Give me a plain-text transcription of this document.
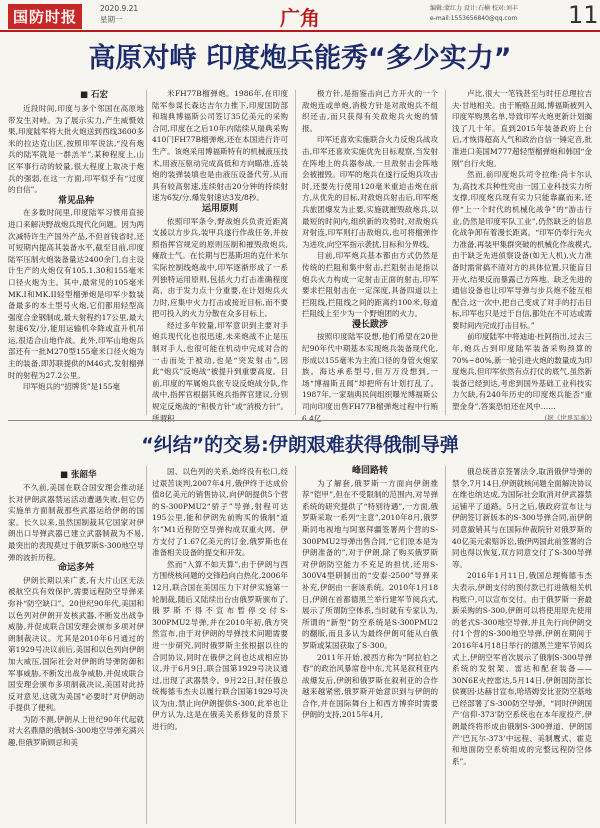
国防时报	2020.9.21
星期一	广角	编辑:蒙红力 设计:石楠 校对:刘丰
e-mail:1553656840@qq.com	11
高原对峙 印度炮兵能秀“多少实力”
■ 石宏

近段时间,印度与多个邻国在高原地带发生对峙。为了展示实力,产生威慑效果,印度陆军将大批火炮送到西线3600多米的拉达克山区,按照印军说法,“没有炮兵的陆军就是一群羔羊”,某种程度上,山区军事行动的较量,很大程度上取决于炮兵的强弱,在这一方面,印军似乎有“过度的自信”。

常见品种

在多数时间里,印度陆军习惯用直接进口来解决野战炮兵现代化问题。因为两次减特许生产国外产品,不但首钱省时,还可短期内提高其装备水平,截至目前,印度陆军压制火炮装备量达2400余门,自主设计生产的火炮仅有105.1.30和155毫米口径火炮为主。其中,最常见的105毫米MK.I和MK.II轻型榴弹炮是印军少数装备最多的本土型号火炮,它们都用轻型高强度合金钢制成,最大射程约17公里,最大射速6发/分,能用运输机伞降或直升机吊运,很适合山地作战。此外,印军山地炮兵部还有一批M270型155毫米口径火炮为主的装备,即苏联提供的M46式,发射榴弹时的射程为27.2公里。

印军炮兵的“招牌货”是155毫

米FH77B榴弹炮。1986年,在印度陆军参谋长森达吉尔力推下,印度国防部和瑞典博福斯公司签订35亿美元的采购合同,印度在之后10年内陆续从瑞典采购410门FH77B榴弹炮,还在本国进行许可生产。该炮采用博福斯特有的机械液压技术,用液压驱动完成高低和方向瞄准,连装炮的装弹装填也是由液压设备代劳,从而具有较高射速,连续射击20分钟的持续射速为6发/分,爆发射速达3发/8秒。

运用原则

依照印军条令,野战炮兵负责近距离支援以方步兵,装甲兵遂行作战任务,并按照指挥官规定的原则压制和摧毁敌炮兵,瘫敌士气。在长期与巴基斯坦的克什米尔实际控制线炮战中,印军逐渐形成了一系列独特运用原则,包括火力打击准确程度高、由于发力点十分重要,在计划炮兵火力时,应集中火力打击或接近目标,而不要把可投入的火力分散在众多目标上。

经过多年较量,印军意识到主要对手炮兵现代化也很迅速,未来炮战不止是压制对手人,也很可能在机动中完成对合的一击而处于被动,也是“突发射击”,因此“炮兵”反炮战“被提升到重要高度。目前,印度的军属炮兵旅专设反炮战分队,作战中,指挥官根据其炮兵指挥官建议,分别规定反炮战的“积极方针”或“消极方针”。所谓积

极方针,是指鉴击向己方开火的一个敌炮连或单炮,消极方针是对敌炮兵不组织还击,而只获得有关敌炮兵火炮的情报。

印军还喜欢实施联合火力反炮兵战攻击,印军还喜欢实施优先目标观察,当发射在阵地上的兵器参战,一旦敌射击会阵地会被摧毁。印军的炮兵在遂行反炮兵攻击时,还要先行使用120毫米重迫击炮在前方,从优先的目标,对敌炮兵射击后,印军炮兵旅团爆发为止要,实施就摧毁敌炮兵,以最短的时间内,组织新的攻势时,对敌炮兵对射连,印军则打击敌炮兵,也可将榴弹作为进攻,向空军指示袭扰,目标和分界线。

目前,印军炮兵基本都由方式仍然是传统的拦阻和集中射击,拦阻射击是指以炮兵火力构成一定射击正面的射击,印军要求拦阻射击在一定深度,具备四道以上拦阻线,拦阻线之间的距离约100米,每道拦阻线上至少为一个野炮团的火力。

漫长跋涉

按照印度陆军设想,他们希望在20世纪90年代中期基本实现炮兵装备现代化,形成以155毫米为主流口径的身管火炮家族。海达承系型号,但万万没想到,一场“博福斯丑闻”却把所有计划打乱了。1987年,一家瑞典民间组织曝光博福斯公司向印度出售FH77B榴弹炮过程中行贿6.4亿

卢比,很大一笔钱甚至与时任总理拉吉夫·甘地相关。由于贿赂丑闻,博福斯被列入印度军购黑名单,导致印军火炮更新计划搁浅了几十年。直到2015年装备政府上台后,才恢得超高人气和政治自信一锤定音,批准进口美国M777超轻型榴弹炮和韩国“金刚”自行火炮。

然而,前印度炮兵司令拉维·尚卡尔认为,高技术兵种性究由一国工业科技实力所支撑,印度炮兵现有实力只能靠赢而来,还停“上一个时代的机械化战争”的“游击行业,仍然是印度军队工业”,仍然缺乏的信息化战争卸有着漫长距离。“印军仍奉行先火力准备,再装甲集群突破的机械化作战模式,由于缺乏先进侦察设备(如无人机),火力准备时需常搞不清对方的具体位置,只能盲目开火,结果反而暴露己方阵地。缺乏先进的通信设备也让印军导弹与步兵炮不能互相配合,这一次中,把自己变成了对手的打击目标,印军也只是过于自信,都处在不可达或需要时间内完成打击目标。”

前印度陆军中将迪迪·杜阿指出,过去三年,炮兵占到印度陆军装备采购预算的70%~80%,新一轮引进火炮的数量成为印度炮兵,但印军依然有点打仗的底气,虽然新装备已经到达,考虑到国外基础工业科技实力欠缺,有240年历史的印度炮兵能否“重塑金身”,答案恐怕还在风中……

(据《世界军事》)

“纠结”的交易:伊朗艰难获得俄制导弹
■ 张韶华

不久前,美国在联合国安理会推动延长对伊朗武器禁运活动遭遇失败,但它仍实施单方面制裁那些武器运给伊朗的国家。长久以来,虽然国制裁其它国家对伊朗出口导弹武器已建立武器制裁为不易,最突出的表现莫过于俄罗斯S-300地空导弹的波折历程。

命运多舛

伊朗长期以来广袤,有大片山区无法被航空兵有效保护,需要远程防空导弹来弥补“防空缺口”。20世纪90年代,美国和以色列对伊朗开发核武器,不断发出战争威胁,并促成联合国安理会颁布多项对伊朗制裁决议。尤其是2010年6月通过的第1929号决议前后,美国和以色列向伊朗加大威压,国际社会对伊朗的导弹防御和军事威胁,不断发出战争威胁,并促成联合国安理会颁布多项制裁决议,美国对此持反对意见,这就为美国“必要时”对伊朗动手提供了便利。

为防不测,伊朗从上世纪90年代起就对大名鼎鼎的俄制S-300地空导弹充满兴趣,但俄罗斯顾忌和美

国、以色列的关系,始终没有松口,经过艰苦谈判,2007年4月,俄伊终于达成价值8亿美元的销售协议,向伊朗提供5个营的S-300PMU2“骄子”导弹,射程可达195公里,能和伊朗先前购买的俄制“道尔”M1近程防空导弹构成双重火网。伊方支付了1.67亿美元的订金,俄罗斯也在准备相关设备的提交和开发。

然而“入算不如天算”,由于伊朗与西方围绕核问题的交锋趋向白热化,2006年12月,联合国在美国压力下对伊实施第一轮制裁,随后又陆续出台由俄罗斯颁布了,俄罗斯不得不宣布暂停交付S-300PMU2导弹,并在2010年初,俄方突然宣布,由于对伊朗的导弹技术问题需要进一步研究,同时俄罗斯主张根据以往的合同协议,同时在俄伊之间也达成相应协议,并于6月9日,联合国第1929号决议通过,出现了武器禁令。9月22日,时任俄总统梅德韦杰夫以履行联合国第1929号决议为由,禁止向伊朗提供S-300,此举也让伊方认为,这是在俄美关系修复的背景下进行的。

峰回路转

为了解套,俄罗斯一方面向伊朗推荐“铠甲”,但在不受限制的范围内,对导弹系统的研究提供了“特别待遇”,一方面,俄罗斯采取一系列“主意”,2010年8月,俄罗斯同电视地与阿塞拜疆签署两个营的S-300PMU2导弹出售合同,“它们原本是为伊朗准备的”,对于伊朗,除了购买俄罗斯对伊朗防空能力不充足的担忧,还用S-300V4型研制出的“安泰-2500”导弹来补充,伊朗由一套该系统。2010年1月18日,伊朗在首都德黑兰举行建军节阅兵式,展示了所谓防空体系,当时就有专家认为,所谓的“新型”防空系统是S-300PMU2的翻版,而且多认为最终伊朗可能从白俄罗斯或某国获取了S-300。

2011年开始,被西方称为“阿拉伯之春”的政治风暴席卷中东,尤其是叙利亚内战爆发后,伊朗和俄罗斯在叙利亚的合作越来越紧密,俄罗斯开始意识到与伊朗的合作,并在国际舞台上和西方博弈时需要伊朗的支持,2015年4月,

俄总统普京签署法令,取消俄伊导弹的禁令,7月14日,伊朗就核问题全面解决协议在维也纳达成,为国际社会取消对伊武器禁运铺平了道路。5月之后,俄政府宣布让与伊朗签订新版本的S-300导弹合同,而伊朗同意撤销其与在国际仲裁院针对俄罗斯的40亿美元索赔诉讼,俄伊两国此前签署的合同也得以恢复,双方同意交付了S-300导弹等。

2016年1月11日,俄国总理梅德韦杰夫表示,伊朗支付的预付款已打进俄相关机构账户,可以宣布交付。由于俄罗斯一套最新采购的S-300,伊朗可以将使用原先使用的老式S-300地空导弹,并且先行向伊朗交付1个营的S-300地空导弹,伊朗在期间于2016年4月18日举行的德黑兰建军节阅兵式上,伊朗空军首次展示了俄制S-300导弹系统的发射架、雷达和配套装备——30N6E火控雷达,5月14日,伊朗国防部长侯赛因·达赫甘宣布,哈塔姆安比亚防空基地已经部署了S-300防空导弹。“同时伊朗国产‘信仰-373’防空系统也在本年度投产,伊朗最终将形成由俄制S-300弹道、伊朗国产‘巴瓦尔-373’中远程、美制鹰式、霍克和地面防空系统组成的完整远程防空体系”。
